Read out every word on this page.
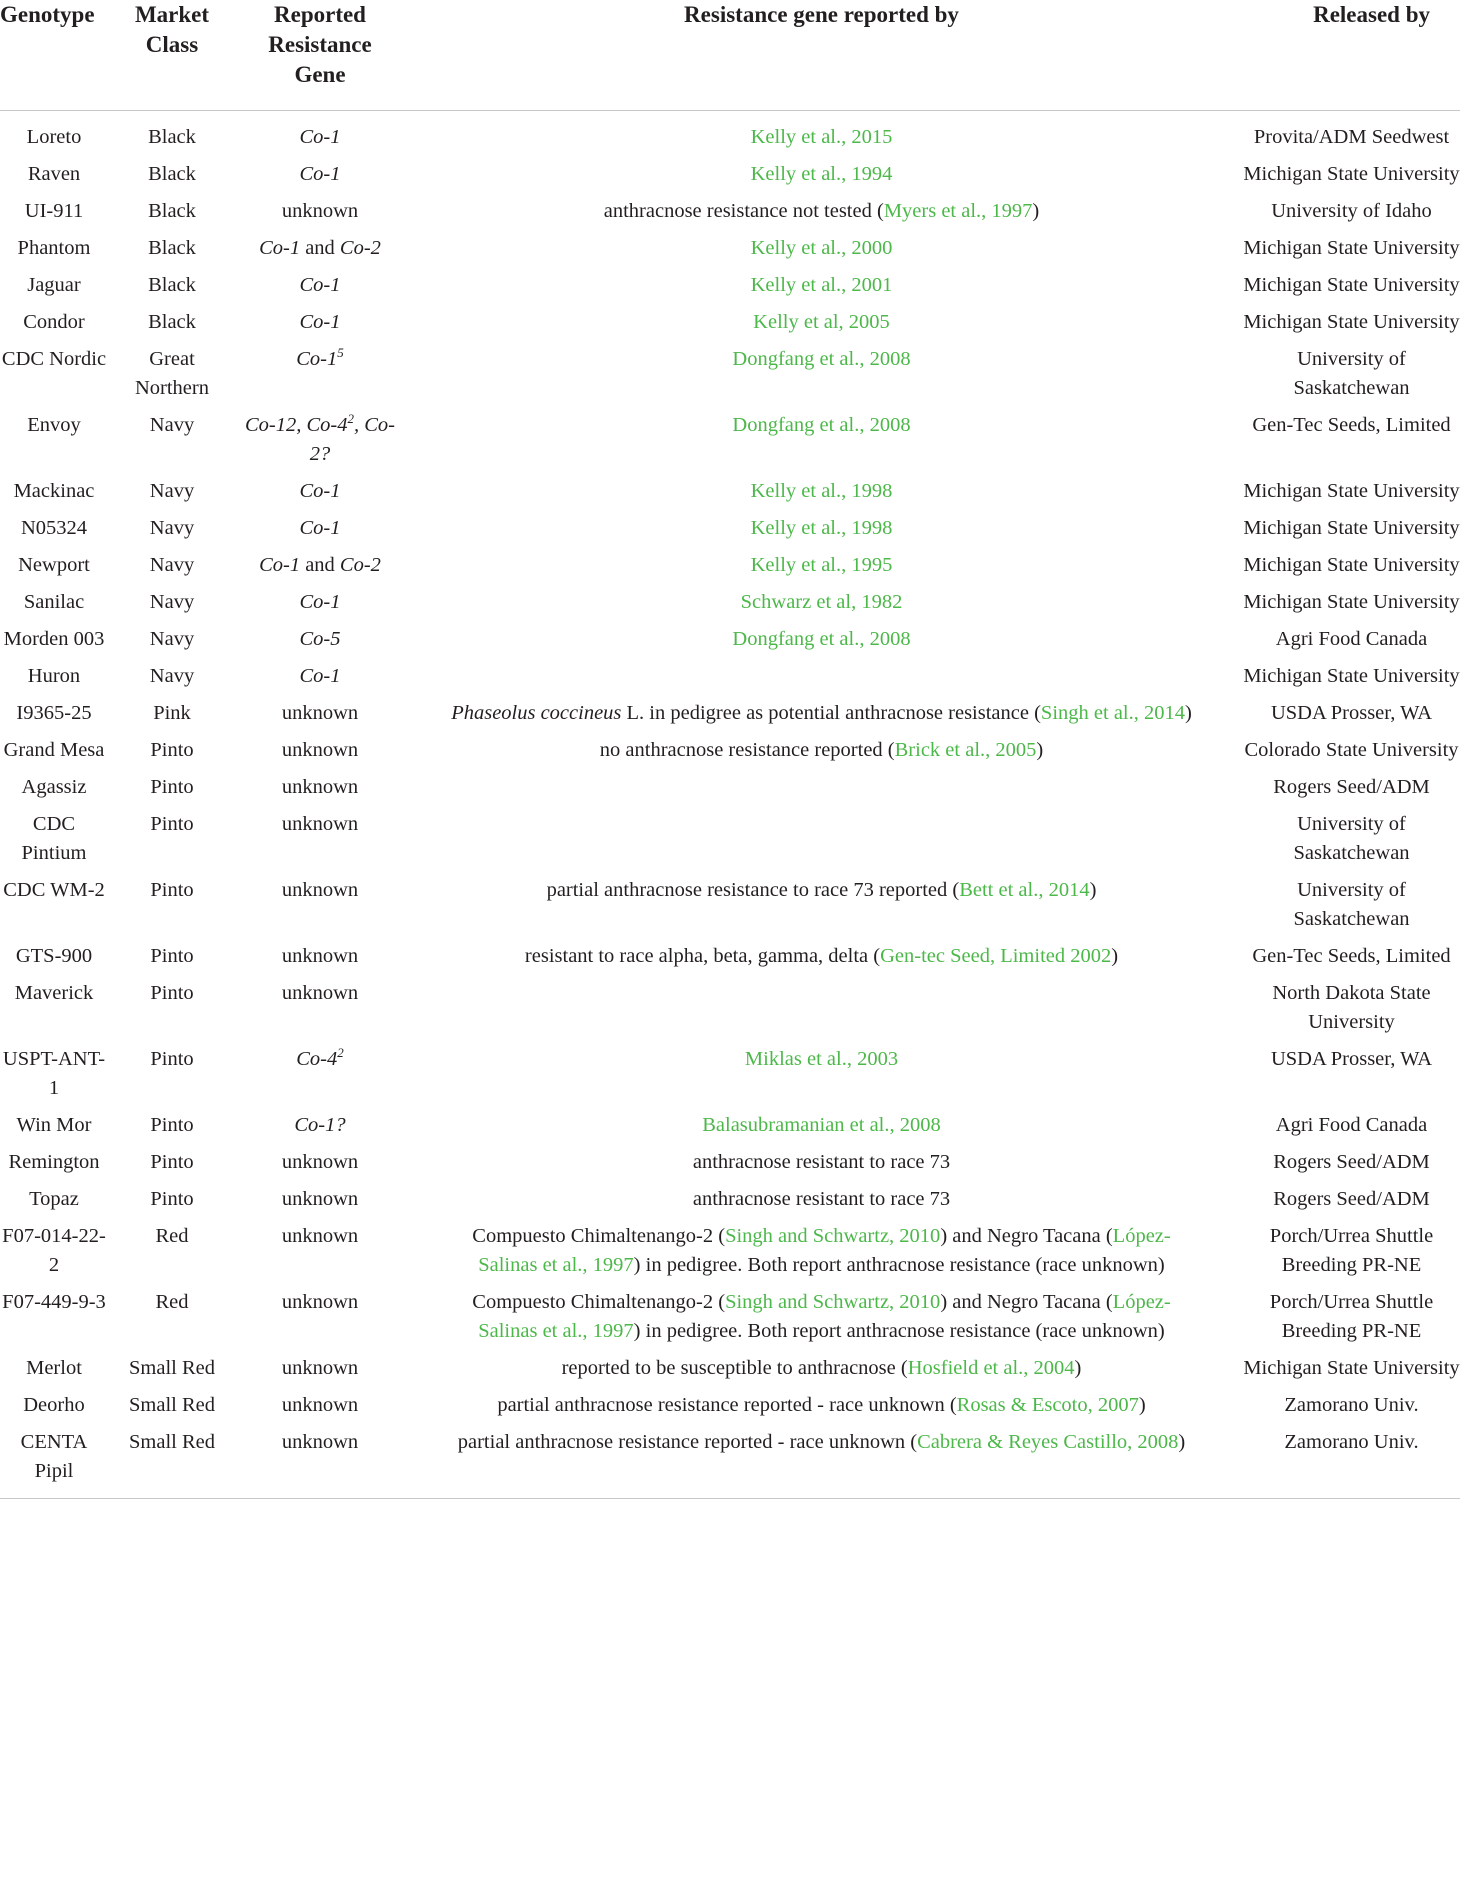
Genotype	Market Class	Reported Resistance Gene	Resistance gene reported by	Released by
Loreto	Black	Co-1	Kelly et al., 2015	Provita/ADM Seedwest
Raven	Black	Co-1	Kelly et al., 1994	Michigan State University
UI-911	Black	unknown	anthracnose resistance not tested (Myers et al., 1997)	University of Idaho
Phantom	Black	Co-1 and Co-2	Kelly et al., 2000	Michigan State University
Jaguar	Black	Co-1	Kelly et al., 2001	Michigan State University
Condor	Black	Co-1	Kelly et al, 2005	Michigan State University
CDC Nordic	Great Northern	$Co-1^5$	Dongfang et al., 2008	University of Saskatchewan
Envoy	Navy	Co-12, $Co-4^2$, Co-2?	Dongfang et al., 2008	Gen-Tec Seeds, Limited
Mackinac	Navy	Co-1	Kelly et al., 1998	Michigan State University
N05324	Navy	Co-1	Kelly et al., 1998	Michigan State University
Newport	Navy	Co-1 and Co-2	Kelly et al., 1995	Michigan State University
Sanilac	Navy	Co-1	Schwarz et al, 1982	Michigan State University
Morden 003	Navy	Co-5	Dongfang et al., 2008	Agri Food Canada
Huron	Navy	Co-1		Michigan State University
I9365-25	Pink	unknown	Phaseolus coccineus L. in pedigree as potential anthracnose resistance (Singh et al., 2014)	USDA Prosser, WA
Grand Mesa	Pinto	unknown	no anthracnose resistance reported (Brick et al., 2005)	Colorado State University
Agassiz	Pinto	unknown		Rogers Seed/ADM
CDC Pintium	Pinto	unknown		University of Saskatchewan
CDC WM-2	Pinto	unknown	partial anthracnose resistance to race 73 reported (Bett et al., 2014)	University of Saskatchewan
GTS-900	Pinto	unknown	resistant to race alpha, beta, gamma, delta (Gen-tec Seed, Limited 2002)	Gen-Tec Seeds, Limited
Maverick	Pinto	unknown		North Dakota State University
USPT-ANT-1	Pinto	$Co-4^2$	Miklas et al., 2003	USDA Prosser, WA
Win Mor	Pinto	Co-1?	Balasubramanian et al., 2008	Agri Food Canada
Remington	Pinto	unknown	anthracnose resistant to race 73	Rogers Seed/ADM
Topaz	Pinto	unknown	anthracnose resistant to race 73	Rogers Seed/ADM
F07-014-22-2	Red	unknown	Compuesto Chimaltenango-2 (Singh and Schwartz, 2010) and Negro Tacana (López-Salinas et al., 1997) in pedigree. Both report anthracnose resistance (race unknown)	Porch/Urrea Shuttle Breeding PR-NE
F07-449-9-3	Red	unknown	Compuesto Chimaltenango-2 (Singh and Schwartz, 2010) and Negro Tacana (López-Salinas et al., 1997) in pedigree. Both report anthracnose resistance (race unknown)	Porch/Urrea Shuttle Breeding PR-NE
Merlot	Small Red	unknown	reported to be susceptible to anthracnose (Hosfield et al., 2004)	Michigan State University
Deorho	Small Red	unknown	partial anthracnose resistance reported - race unknown (Rosas & Escoto, 2007)	Zamorano Univ.
CENTA Pipil	Small Red	unknown	partial anthracnose resistance reported - race unknown (Cabrera & Reyes Castillo, 2008)	Zamorano Univ.
